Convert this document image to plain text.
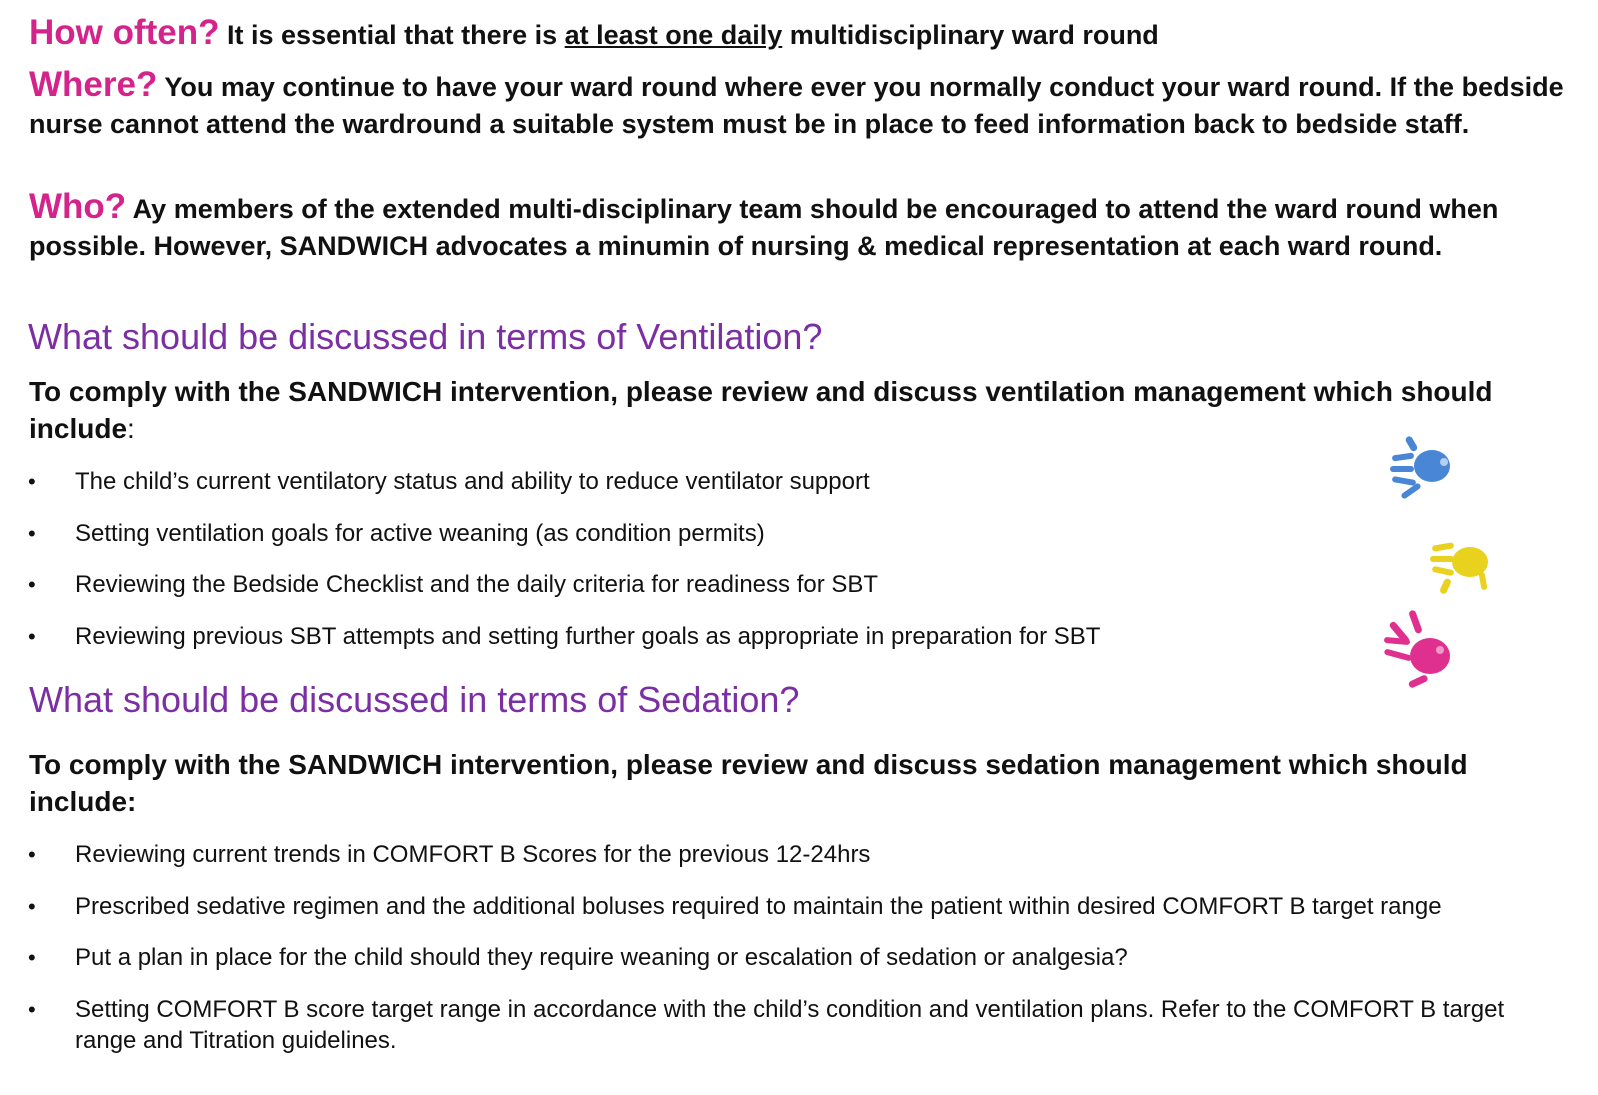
How often? It is essential that there is at least one daily multidisciplinary ward round
Where? You may continue to have your ward round where ever you normally conduct your ward round. If the bedside nurse cannot attend the wardround a suitable system must be in place to feed information back to bedside staff.
Who? Ay members of the extended multi-disciplinary team should be encouraged to attend the ward round when possible. However, SANDWICH advocates a minumin of nursing & medical representation at each ward round.
What should be discussed in terms of Ventilation?
To comply with the SANDWICH intervention, please review and discuss ventilation management which should include:
• The child’s current ventilatory status and ability to reduce ventilator support
• Setting ventilation goals for active weaning (as condition permits)
• Reviewing the Bedside Checklist and the daily criteria for readiness for SBT
• Reviewing previous SBT attempts and setting further goals as appropriate in preparation for SBT
What should be discussed in terms of Sedation?
To comply with the SANDWICH intervention, please review and discuss sedation management which should include:
• Reviewing current trends in COMFORT B Scores for the previous 12-24hrs
• Prescribed sedative regimen and the additional boluses required to maintain the patient within desired COMFORT B target range
• Put a plan in place for the child should they require weaning or escalation of sedation or analgesia?
• Setting COMFORT B score target range in accordance with the child’s condition and ventilation plans. Refer to the COMFORT B target range and Titration guidelines.
